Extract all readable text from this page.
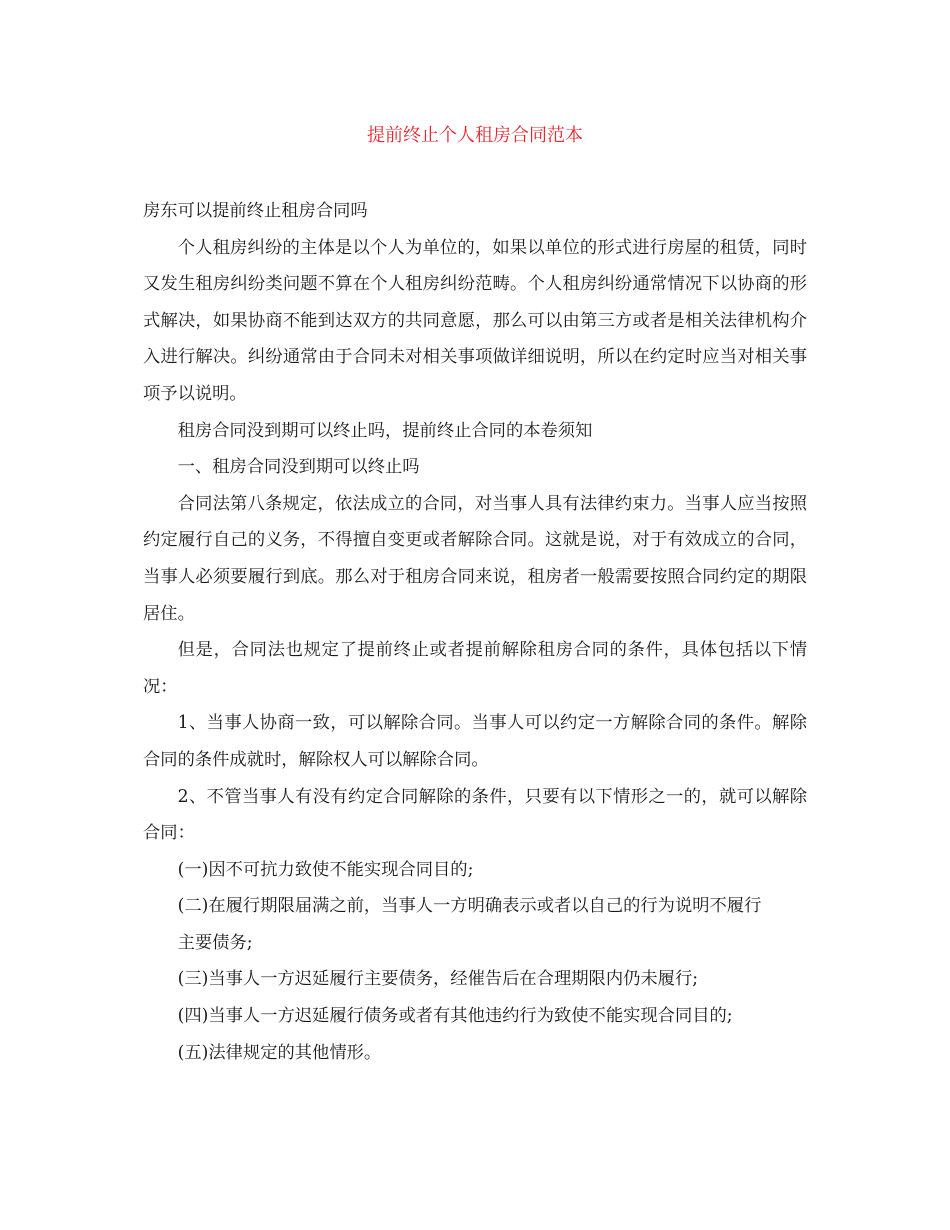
提前终止个人租房合同范本

房东可以提前终止租房合同吗

个人租房纠纷的主体是以个人为单位的，如果以单位的形式进行房屋的租赁，同时又发生租房纠纷类问题不算在个人租房纠纷范畴。个人租房纠纷通常情况下以协商的形式解决，如果协商不能到达双方的共同意愿，那么可以由第三方或者是相关法律机构介入进行解决。纠纷通常由于合同未对相关事项做详细说明，所以在约定时应当对相关事项予以说明。

租房合同没到期可以终止吗，提前终止合同的本卷须知

一、租房合同没到期可以终止吗

合同法第八条规定，依法成立的合同，对当事人具有法律约束力。当事人应当按照约定履行自己的义务，不得擅自变更或者解除合同。这就是说，对于有效成立的合同，当事人必须要履行到底。那么对于租房合同来说，租房者一般需要按照合同约定的期限居住。

但是，合同法也规定了提前终止或者提前解除租房合同的条件，具体包括以下情况：

1、当事人协商一致，可以解除合同。当事人可以约定一方解除合同的条件。解除合同的条件成就时，解除权人可以解除合同。

2、不管当事人有没有约定合同解除的条件，只要有以下情形之一的，就可以解除合同：

(一)因不可抗力致使不能实现合同目的;

(二)在履行期限届满之前，当事人一方明确表示或者以自己的行为说明不履行

主要债务;

(三)当事人一方迟延履行主要债务，经催告后在合理期限内仍未履行;

(四)当事人一方迟延履行债务或者有其他违约行为致使不能实现合同目的;

(五)法律规定的其他情形。
